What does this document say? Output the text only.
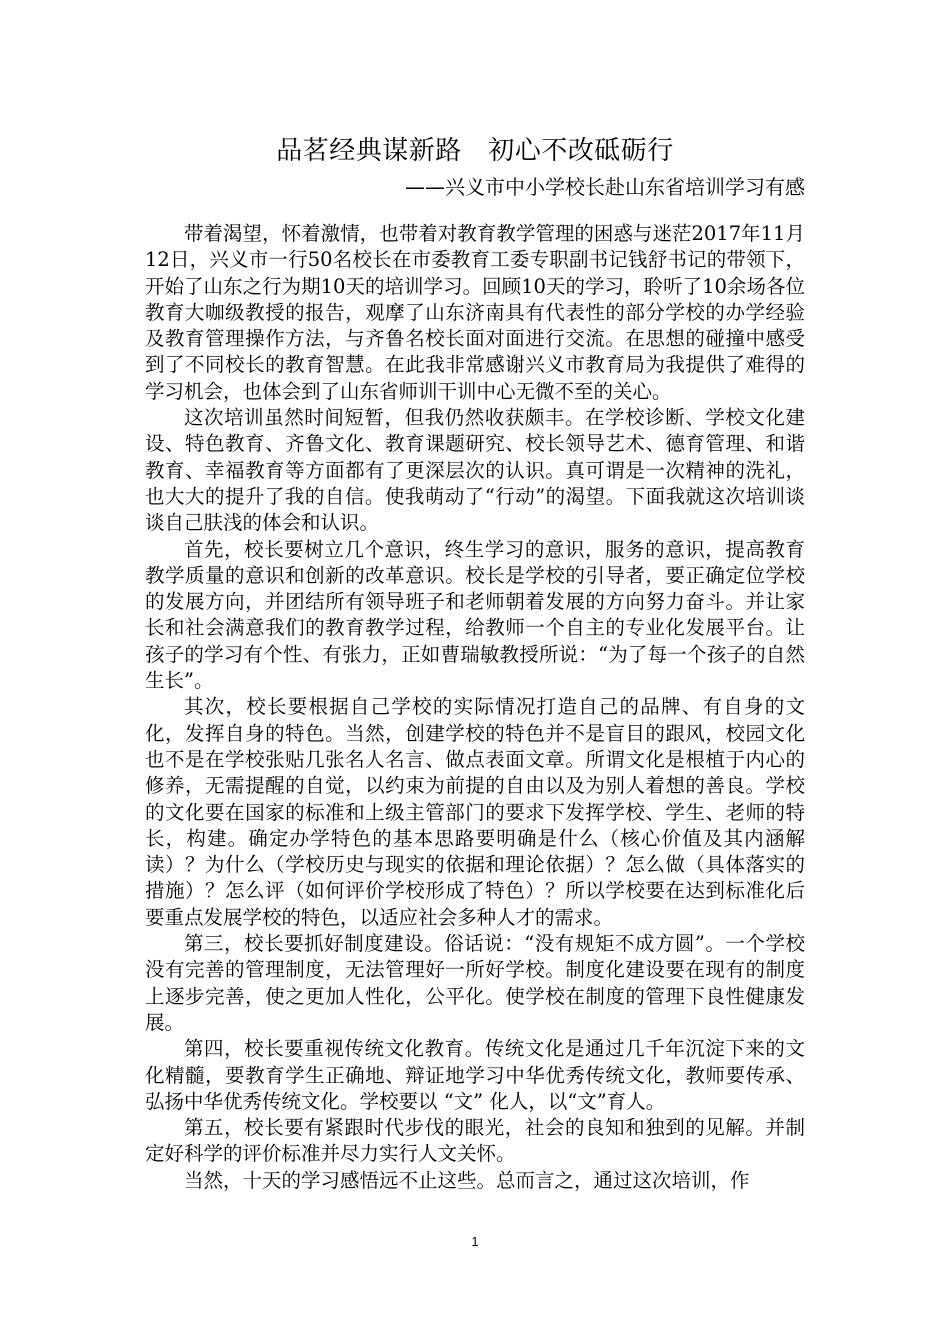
品茗经典谋新路　初心不改砥砺行
——兴义市中小学校长赴山东省培训学习有感

带着渴望，怀着激情，也带着对教育教学管理的困惑与迷茫2017年11月12日，兴义市一行50名校长在市委教育工委专职副书记钱舒书记的带领下，开始了山东之行为期10天的培训学习。回顾10天的学习，聆听了10余场各位教育大咖级教授的报告，观摩了山东济南具有代表性的部分学校的办学经验及教育管理操作方法，与齐鲁名校长面对面进行交流。在思想的碰撞中感受到了不同校长的教育智慧。在此我非常感谢兴义市教育局为我提供了难得的学习机会，也体会到了山东省师训干训中心无微不至的关心。

这次培训虽然时间短暂，但我仍然收获颇丰。在学校诊断、学校文化建设、特色教育、齐鲁文化、教育课题研究、校长领导艺术、德育管理、和谐教育、幸福教育等方面都有了更深层次的认识。真可谓是一次精神的洗礼，也大大的提升了我的自信。使我萌动了“行动”的渴望。下面我就这次培训谈谈自己肤浅的体会和认识。

首先，校长要树立几个意识，终生学习的意识，服务的意识，提高教育教学质量的意识和创新的改革意识。校长是学校的引导者，要正确定位学校的发展方向，并团结所有领导班子和老师朝着发展的方向努力奋斗。并让家长和社会满意我们的教育教学过程，给教师一个自主的专业化发展平台。让孩子的学习有个性、有张力，正如曹瑞敏教授所说：“为了每一个孩子的自然生长”。

其次，校长要根据自己学校的实际情况打造自己的品牌、有自身的文化，发挥自身的特色。当然，创建学校的特色并不是盲目的跟风，校园文化也不是在学校张贴几张名人名言、做点表面文章。所谓文化是根植于内心的修养，无需提醒的自觉，以约束为前提的自由以及为别人着想的善良。学校的文化要在国家的标准和上级主管部门的要求下发挥学校、学生、老师的特长，构建。确定办学特色的基本思路要明确是什么（核心价值及其内涵解读）？为什么（学校历史与现实的依据和理论依据）？怎么做（具体落实的措施）？怎么评（如何评价学校形成了特色）？所以学校要在达到标准化后要重点发展学校的特色，以适应社会多种人才的需求。

第三，校长要抓好制度建设。俗话说：“没有规矩不成方圆”。一个学校没有完善的管理制度，无法管理好一所好学校。制度化建设要在现有的制度上逐步完善，使之更加人性化，公平化。使学校在制度的管理下良性健康发展。

第四，校长要重视传统文化教育。传统文化是通过几千年沉淀下来的文化精髓，要教育学生正确地、辩证地学习中华优秀传统文化，教师要传承、弘扬中华优秀传统文化。学校要以 “文” 化人，以“文”育人。

第五，校长要有紧跟时代步伐的眼光，社会的良知和独到的见解。并制定好科学的评价标准并尽力实行人文关怀。

当然，十天的学习感悟远不止这些。总而言之，通过这次培训，作

1
